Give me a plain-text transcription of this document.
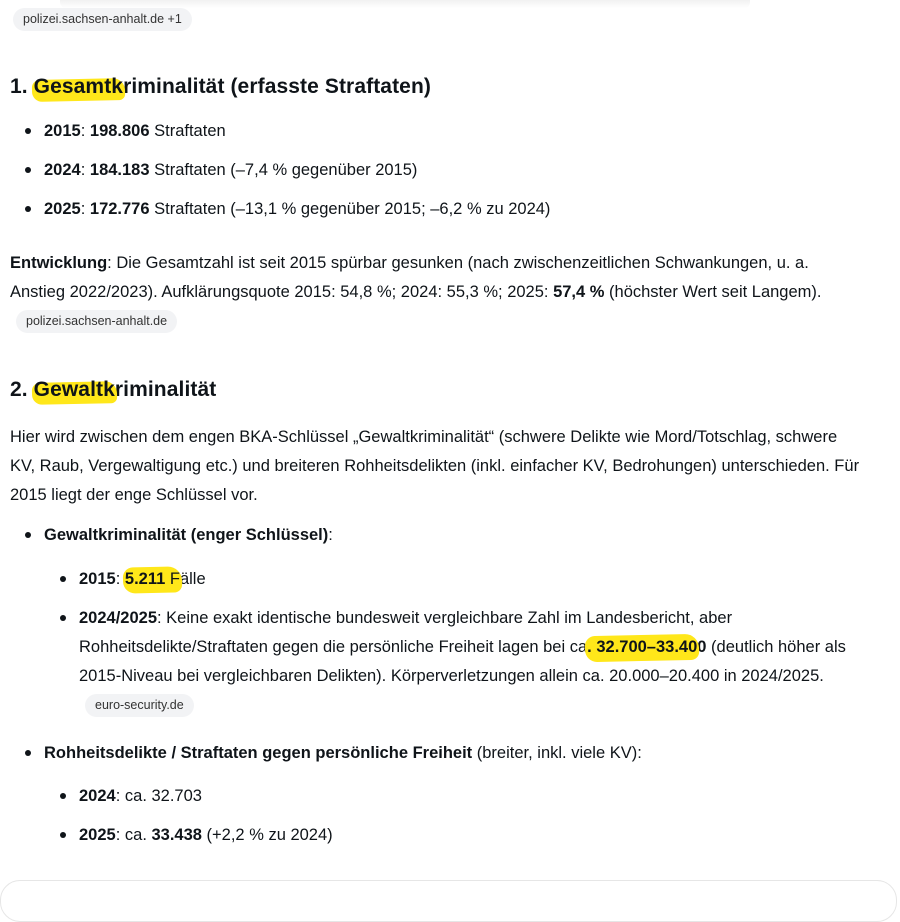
polizei.sachsen-anhalt.de +1
1. Gesamtkriminalität (erfasste Straftaten)
2015: 198.806 Straftaten
2024: 184.183 Straftaten (–7,4 % gegenüber 2015)
2025: 172.776 Straftaten (–13,1 % gegenüber 2015; –6,2 % zu 2024)

Entwicklung: Die Gesamtzahl ist seit 2015 spürbar gesunken (nach zwischenzeitlichen Schwankungen, u. a. Anstieg 2022/2023). Aufklärungsquote 2015: 54,8 %; 2024: 55,3 %; 2025: 57,4 % (höchster Wert seit Langem).polizei.sachsen-anhalt.de

2. Gewaltkriminalität

Hier wird zwischen dem engen BKA-Schlüssel „Gewaltkriminalität“ (schwere Delikte wie Mord/Totschlag, schwere KV, Raub, Vergewaltigung etc.) und breiteren Rohheitsdelikten (inkl. einfacher KV, Bedrohungen) unterschieden. Für 2015 liegt der enge Schlüssel vor.

Gewaltkriminalität (enger Schlüssel):
2015: 5.211 Fälle
2024/2025: Keine exakt identische bundesweit vergleichbare Zahl im Landesbericht, aber Rohheitsdelikte/Straftaten gegen die persönliche Freiheit lagen bei ca. 32.700–33.400 (deutlich höher als 2015-Niveau bei vergleichbaren Delikten). Körperverletzungen allein ca. 20.000–20.400 in 2024/2025.euro-security.de
Rohheitsdelikte / Straftaten gegen persönliche Freiheit (breiter, inkl. viele KV):
2024: ca. 32.703
2025: ca. 33.438 (+2,2 % zu 2024)
